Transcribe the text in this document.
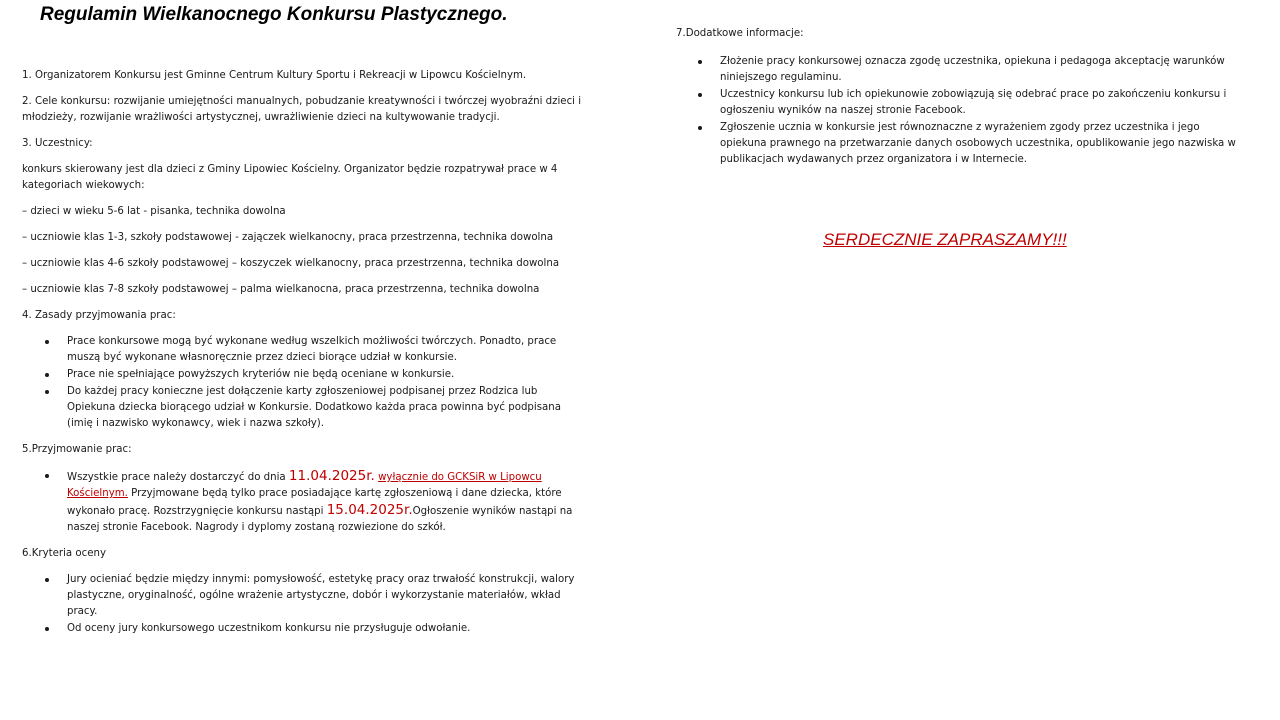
Regulamin Wielkanocnego Konkursu Plastycznego.

1. Organizatorem Konkursu jest Gminne Centrum Kultury Sportu i Rekreacji w Lipowcu Kościelnym.

2. Cele konkursu: rozwijanie umiejętności manualnych, pobudzanie kreatywności i twórczej wyobraźni dzieci i młodzieży, rozwijanie wrażliwości artystycznej, uwrażliwienie dzieci na kultywowanie tradycji.

3. Uczestnicy:

konkurs skierowany jest dla dzieci z Gminy Lipowiec Kościelny. Organizator będzie rozpatrywał prace w 4 kategoriach wiekowych:

– dzieci w wieku 5-6 lat - pisanka, technika dowolna

– uczniowie klas 1-3, szkoły podstawowej - zajączek wielkanocny, praca przestrzenna, technika dowolna

– uczniowie klas 4-6 szkoły podstawowej – koszyczek wielkanocny, praca przestrzenna, technika dowolna

– uczniowie klas 7-8 szkoły podstawowej – palma wielkanocna, praca przestrzenna, technika dowolna

4. Zasady przyjmowania prac:

Prace konkursowe mogą być wykonane według wszelkich możliwości twórczych. Ponadto, prace muszą być wykonane własnoręcznie przez dzieci biorące udział w konkursie.
Prace nie spełniające powyższych kryteriów nie będą oceniane w konkursie.
Do każdej pracy konieczne jest dołączenie karty zgłoszeniowej podpisanej przez Rodzica lub Opiekuna dziecka biorącego udział w Konkursie. Dodatkowo każda praca powinna być podpisana (imię i nazwisko wykonawcy, wiek i nazwa szkoły).

5.Przyjmowanie prac:

Wszystkie prace należy dostarczyć do dnia 11.04.2025r. wyłącznie do GCKSiR w Lipowcu Kościelnym. Przyjmowane będą tylko prace posiadające kartę zgłoszeniową i dane dziecka, które wykonało pracę. Rozstrzygnięcie konkursu nastąpi 15.04.2025r.Ogłoszenie wyników nastąpi na naszej stronie Facebook. Nagrody i dyplomy zostaną rozwiezione do szkół.

6.Kryteria oceny

Jury ocieniać będzie między innymi: pomysłowość, estetykę pracy oraz trwałość konstrukcji, walory plastyczne, oryginalność, ogólne wrażenie artystyczne, dobór i wykorzystanie materiałów, wkład pracy.
Od oceny jury konkursowego uczestnikom konkursu nie przysługuje odwołanie.

7.Dodatkowe informacje:

Złożenie pracy konkursowej oznacza zgodę uczestnika, opiekuna i pedagoga akceptację warunków niniejszego regulaminu.
Uczestnicy konkursu lub ich opiekunowie zobowiązują się odebrać prace po zakończeniu konkursu i ogłoszeniu wyników na naszej stronie Facebook.
Zgłoszenie ucznia w konkursie jest równoznaczne z wyrażeniem zgody przez uczestnika i jego opiekuna prawnego na przetwarzanie danych osobowych uczestnika, opublikowanie jego nazwiska w publikacjach wydawanych przez organizatora i w Internecie.
SERDECZNIE ZAPRASZAMY!!!
